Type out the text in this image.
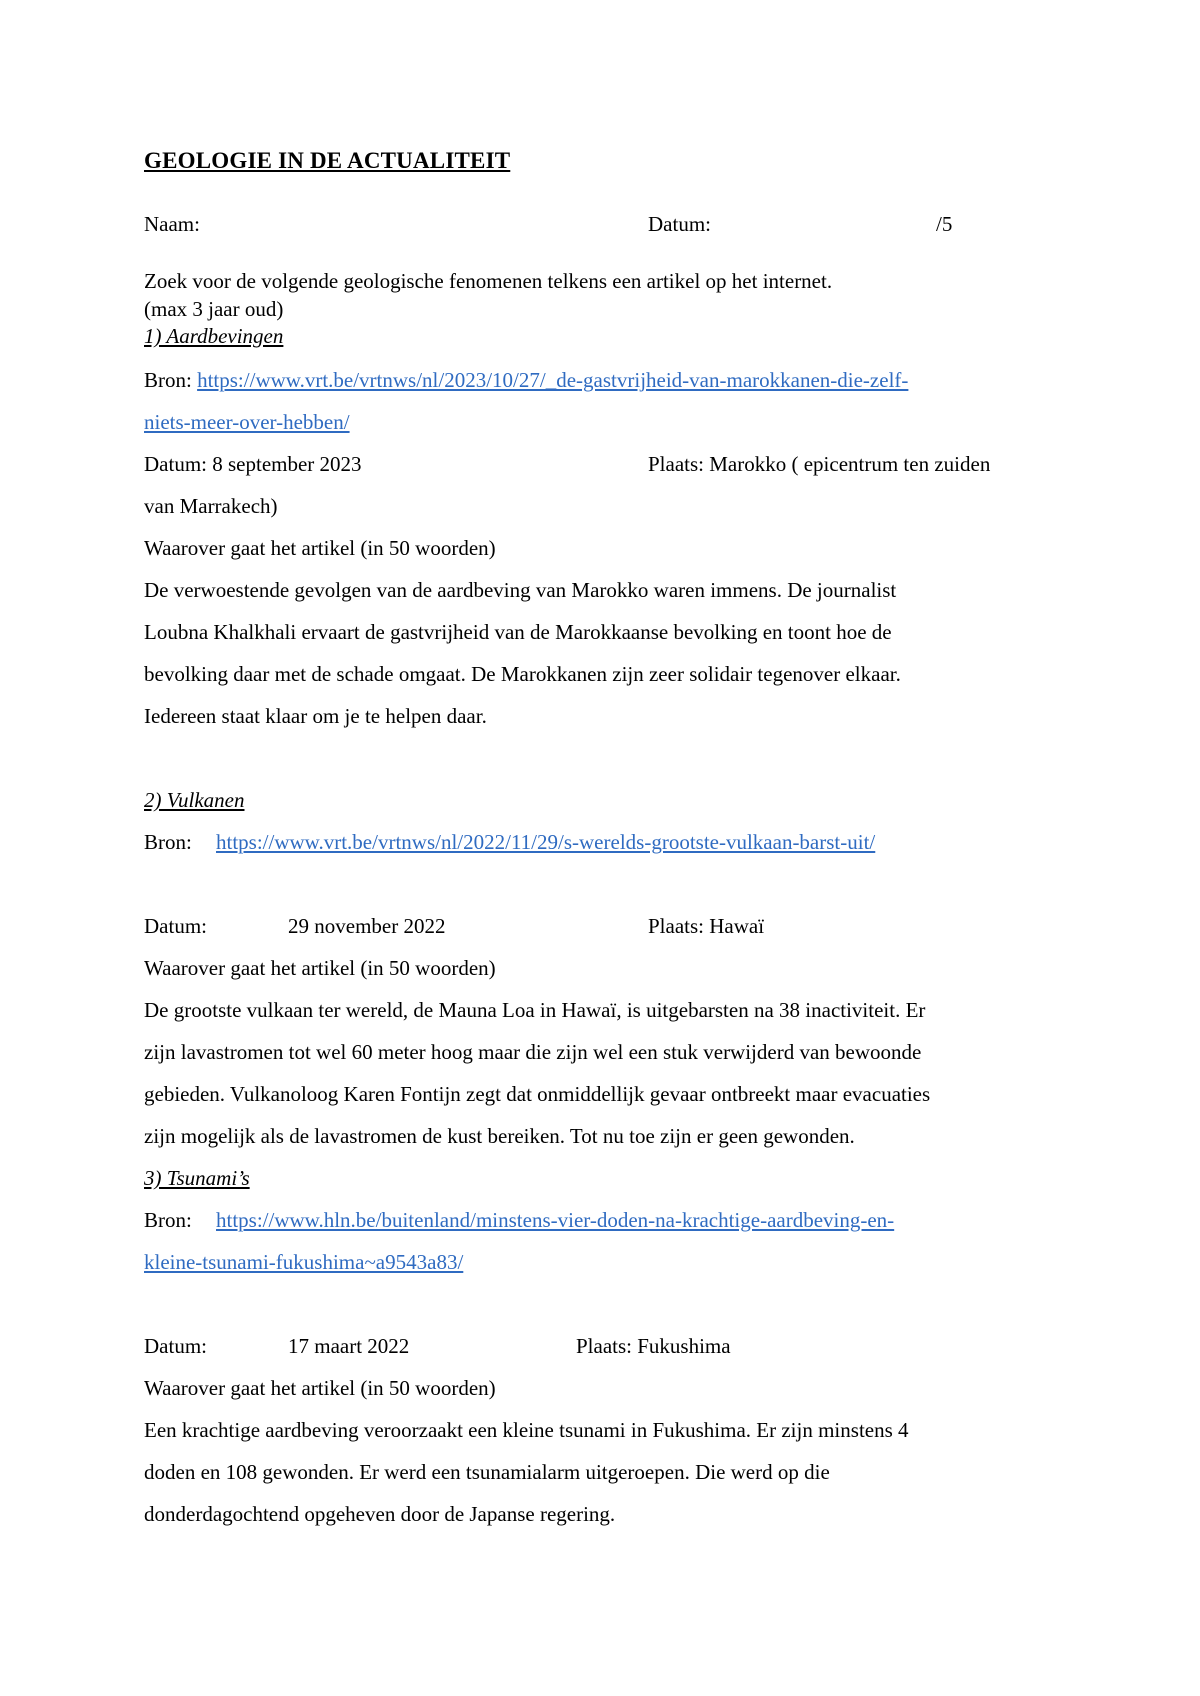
GEOLOGIE IN DE ACTUALITEIT
Naam:	Datum:	/5
Zoek voor de volgende geologische fenomenen telkens een artikel op het internet.
(max 3 jaar oud)
1) Aardbevingen
Bron: https://www.vrt.be/vrtnws/nl/2023/10/27/_de-gastvrijheid-van-marokkanen-die-zelf-
niets-meer-over-hebben/
Datum: 8 september 2023	Plaats: Marokko ( epicentrum ten zuiden
van Marrakech)
Waarover gaat het artikel (in 50 woorden)
De verwoestende gevolgen van de aardbeving van Marokko waren immens. De journalist
Loubna Khalkhali ervaart de gastvrijheid van de Marokkaanse bevolking en toont hoe de
bevolking daar met de schade omgaat. De Marokkanen zijn zeer solidair tegenover elkaar.
Iedereen staat klaar om je te helpen daar.
2) Vulkanen
Bron: https://www.vrt.be/vrtnws/nl/2022/11/29/s-werelds-grootste-vulkaan-barst-uit/
Datum:	29 november 2022	Plaats: Hawaï
Waarover gaat het artikel (in 50 woorden)
De grootste vulkaan ter wereld, de Mauna Loa in Hawaï, is uitgebarsten na 38 inactiviteit. Er
zijn lavastromen tot wel 60 meter hoog maar die zijn wel een stuk verwijderd van bewoonde
gebieden. Vulkanoloog Karen Fontijn zegt dat onmiddellijk gevaar ontbreekt maar evacuaties
zijn mogelijk als de lavastromen de kust bereiken. Tot nu toe zijn er geen gewonden.
3) Tsunami’s
Bron: https://www.hln.be/buitenland/minstens-vier-doden-na-krachtige-aardbeving-en-
kleine-tsunami-fukushima~a9543a83/
Datum:	17 maart 2022	Plaats: Fukushima
Waarover gaat het artikel (in 50 woorden)
Een krachtige aardbeving veroorzaakt een kleine tsunami in Fukushima. Er zijn minstens 4
doden en 108 gewonden. Er werd een tsunamialarm uitgeroepen. Die werd op die
donderdagochtend opgeheven door de Japanse regering.
